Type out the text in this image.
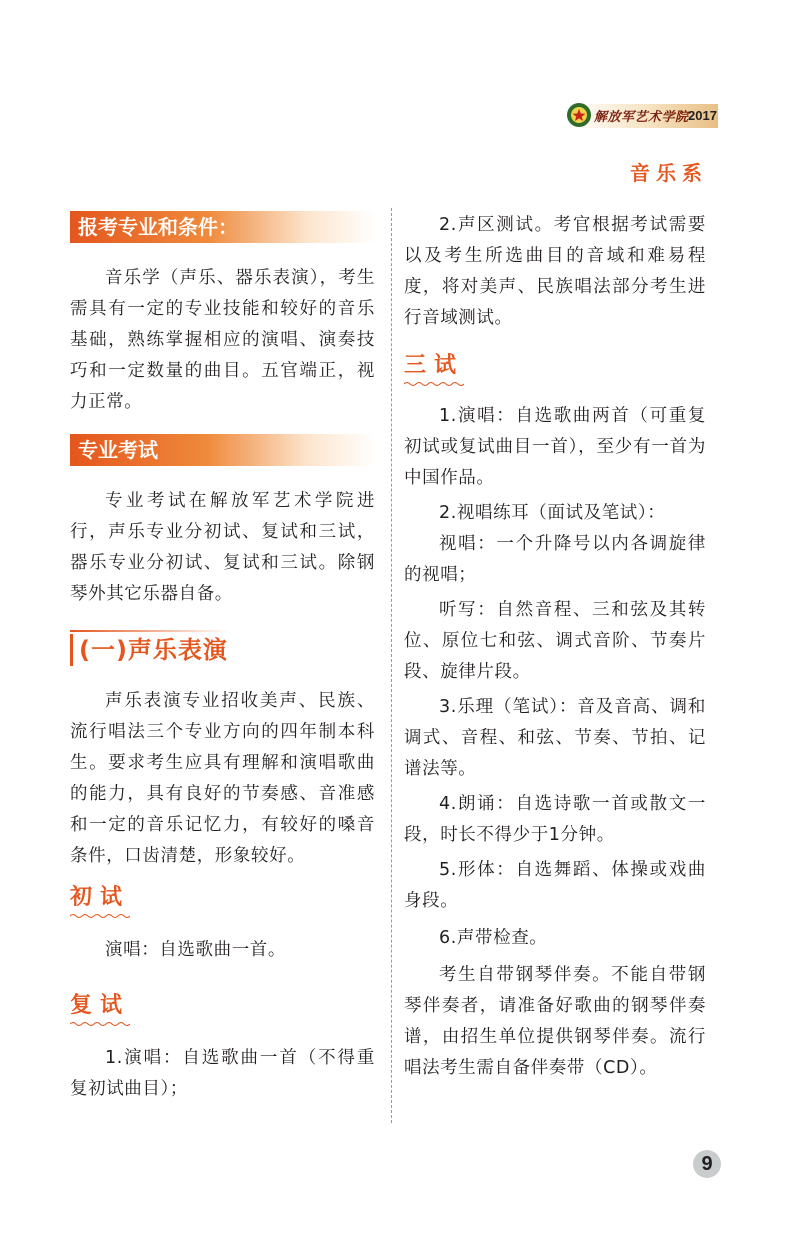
解放军艺术学院 2017
音乐系
报考专业和条件：

音乐学（声乐、器乐表演），考生需具有一定的专业技能和较好的音乐基础，熟练掌握相应的演唱、演奏技巧和一定数量的曲目。五官端正，视力正常。

专业考试

专业考试在解放军艺术学院进行，声乐专业分初试、复试和三试，器乐专业分初试、复试和三试。除钢琴外其它乐器自备。

(一)声乐表演

声乐表演专业招收美声、民族、流行唱法三个专业方向的四年制本科生。要求考生应具有理解和演唱歌曲的能力，具有良好的节奏感、音准感和一定的音乐记忆力，有较好的嗓音条件，口齿清楚，形象较好。

初试

演唱：自选歌曲一首。

复试

1.演唱：自选歌曲一首（不得重复初试曲目）；

2.声区测试。考官根据考试需要以及考生所选曲目的音域和难易程度，将对美声、民族唱法部分考生进行音域测试。

三试

1.演唱：自选歌曲两首（可重复初试或复试曲目一首），至少有一首为中国作品。

2.视唱练耳（面试及笔试）：

视唱：一个升降号以内各调旋律的视唱；

听写：自然音程、三和弦及其转位、原位七和弦、调式音阶、节奏片段、旋律片段。

3.乐理（笔试）：音及音高、调和调式、音程、和弦、节奏、节拍、记谱法等。

4.朗诵：自选诗歌一首或散文一段，时长不得少于1分钟。

5.形体：自选舞蹈、体操或戏曲身段。

6.声带检查。

考生自带钢琴伴奏。不能自带钢琴伴奏者，请准备好歌曲的钢琴伴奏谱，由招生单位提供钢琴伴奏。流行唱法考生需自备伴奏带（CD）。

9
